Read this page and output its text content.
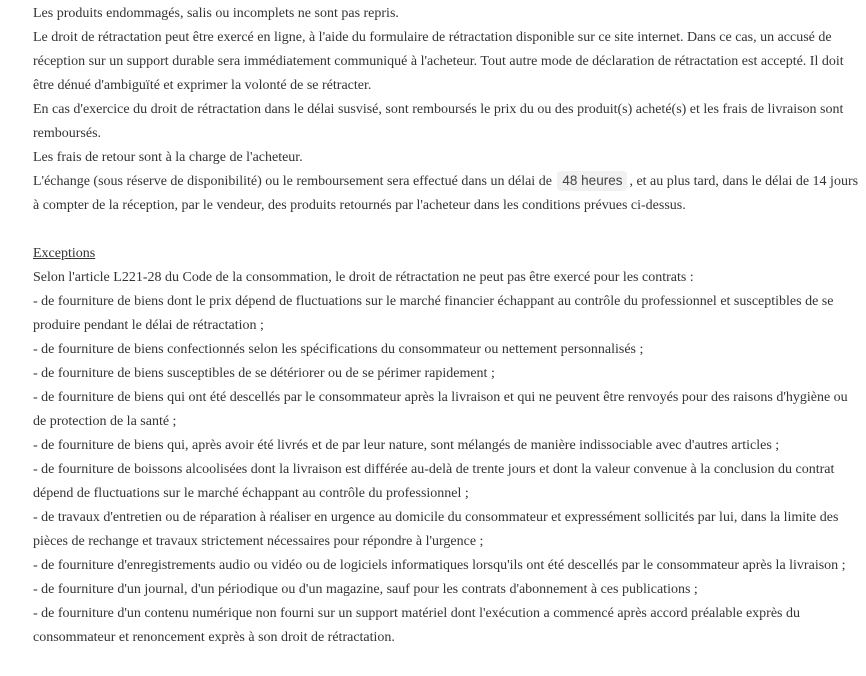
Les produits endommagés, salis ou incomplets ne sont pas repris.
Le droit de rétractation peut être exercé en ligne, à l'aide du formulaire de rétractation disponible sur ce site internet. Dans ce cas, un accusé de
réception sur un support durable sera immédiatement communiqué à l'acheteur. Tout autre mode de déclaration de rétractation est accepté. Il doit
être dénué d'ambiguïté et exprimer la volonté de se rétracter.
En cas d'exercice du droit de rétractation dans le délai susvisé, sont remboursés le prix du ou des produit(s) acheté(s) et les frais de livraison sont
remboursés.
Les frais de retour sont à la charge de l'acheteur.
L'échange (sous réserve de disponibilité) ou le remboursement sera effectué dans un délai de 48 heures , et au plus tard, dans le délai de 14 jours
à compter de la réception, par le vendeur, des produits retournés par l'acheteur dans les conditions prévues ci-dessus.
Exceptions
Selon l'article L221-28 du Code de la consommation, le droit de rétractation ne peut pas être exercé pour les contrats :
- de fourniture de biens dont le prix dépend de fluctuations sur le marché financier échappant au contrôle du professionnel et susceptibles de se
produire pendant le délai de rétractation ;
- de fourniture de biens confectionnés selon les spécifications du consommateur ou nettement personnalisés ;
- de fourniture de biens susceptibles de se détériorer ou de se périmer rapidement ;
- de fourniture de biens qui ont été descellés par le consommateur après la livraison et qui ne peuvent être renvoyés pour des raisons d'hygiène ou
de protection de la santé ;
- de fourniture de biens qui, après avoir été livrés et de par leur nature, sont mélangés de manière indissociable avec d'autres articles ;
- de fourniture de boissons alcoolisées dont la livraison est différée au-delà de trente jours et dont la valeur convenue à la conclusion du contrat
dépend de fluctuations sur le marché échappant au contrôle du professionnel ;
- de travaux d'entretien ou de réparation à réaliser en urgence au domicile du consommateur et expressément sollicités par lui, dans la limite des
pièces de rechange et travaux strictement nécessaires pour répondre à l'urgence ;
- de fourniture d'enregistrements audio ou vidéo ou de logiciels informatiques lorsqu'ils ont été descellés par le consommateur après la livraison ;
- de fourniture d'un journal, d'un périodique ou d'un magazine, sauf pour les contrats d'abonnement à ces publications ;
- de fourniture d'un contenu numérique non fourni sur un support matériel dont l'exécution a commencé après accord préalable exprès du
consommateur et renoncement exprès à son droit de rétractation.
